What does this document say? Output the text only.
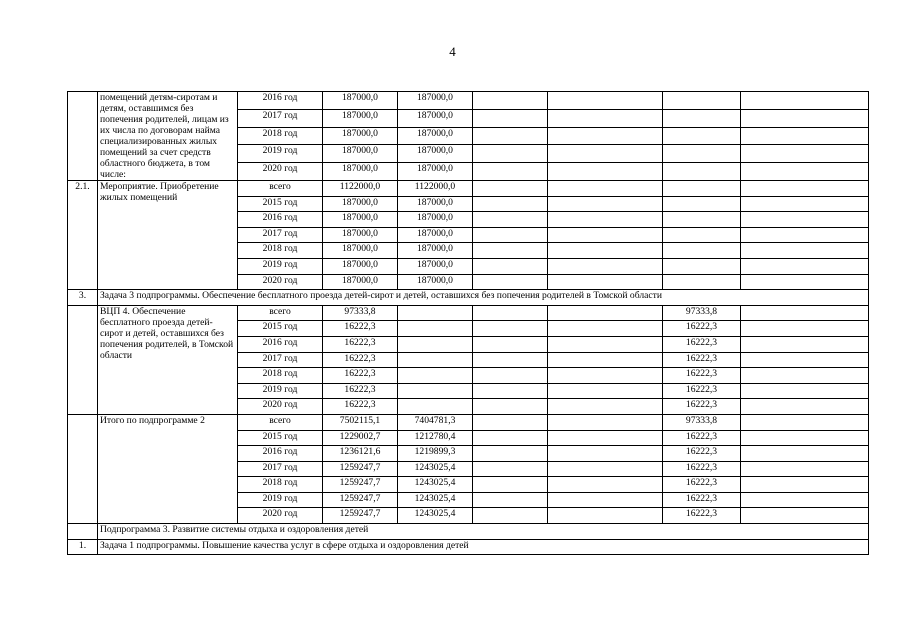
4
	помещений детям-сиротам и детям, оставшимся без попечения родителей, лицам из их числа по договорам найма специализированных жилых помещений за счет средств областного бюджета, в том числе:	2016 год	187000,0	187000,0				
		2017 год	187000,0	187000,0				
		2018 год	187000,0	187000,0				
		2019 год	187000,0	187000,0				
		2020 год	187000,0	187000,0				
2.1.	Мероприятие. Приобретение жилых помещений	всего	1122000,0	1122000,0				
		2015 год	187000,0	187000,0				
		2016 год	187000,0	187000,0				
		2017 год	187000,0	187000,0				
		2018 год	187000,0	187000,0				
		2019 год	187000,0	187000,0				
		2020 год	187000,0	187000,0				
3.	Задача 3 подпрограммы. Обеспечение бесплатного проезда детей-сирот и детей, оставшихся без попечения родителей в Томской области							
	ВЦП 4. Обеспечение бесплатного проезда детей-сирот и детей, оставшихся без попечения родителей, в Томской области	всего	97333,8				97333,8	
		2015 год	16222,3				16222,3	
		2016 год	16222,3				16222,3	
		2017 год	16222,3				16222,3	
		2018 год	16222,3				16222,3	
		2019 год	16222,3				16222,3	
		2020 год	16222,3				16222,3	
	Итого по подпрограмме 2	всего	7502115,1	7404781,3			97333,8	
		2015 год	1229002,7	1212780,4			16222,3	
		2016 год	1236121,6	1219899,3			16222,3	
		2017 год	1259247,7	1243025,4			16222,3	
		2018 год	1259247,7	1243025,4			16222,3	
		2019 год	1259247,7	1243025,4			16222,3	
		2020 год	1259247,7	1243025,4			16222,3	
	Подпрограмма 3. Развитие системы отдыха и оздоровления детей							
1.	Задача 1 подпрограммы. Повышение качества услуг в сфере отдыха и оздоровления детей							
